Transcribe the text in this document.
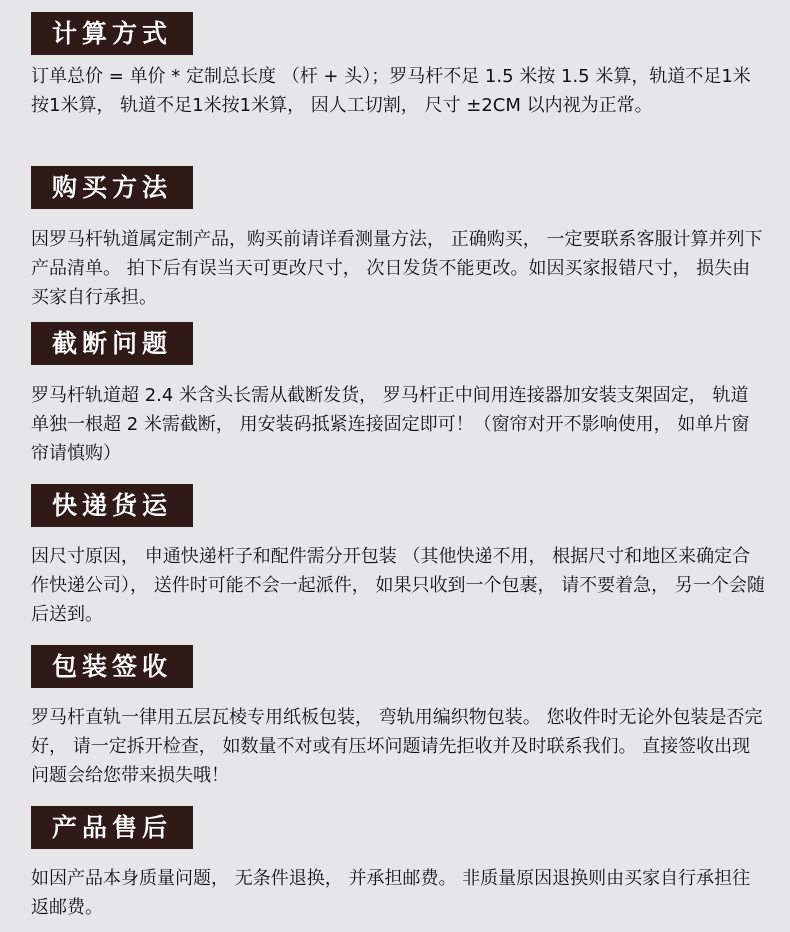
计算方式
订单总价 = 单价 * 定制总长度 （杆 + 头）；罗马杆不足 1.5 米按 1.5 米算，轨道不足1米按1米算， 轨道不足1米按1米算， 因人工切割， 尺寸 ±2CM 以内视为正常。
购买方法
因罗马杆轨道属定制产品，购买前请详看测量方法， 正确购买， 一定要联系客服计算并列下产品清单。 拍下后有误当天可更改尺寸， 次日发货不能更改。如因买家报错尺寸， 损失由买家自行承担。
截断问题
罗马杆轨道超 2.4 米含头长需从截断发货， 罗马杆正中间用连接器加安装支架固定， 轨道单独一根超 2 米需截断， 用安装码抵紧连接固定即可！（窗帘对开不影响使用， 如单片窗帘请慎购）
快递货运
因尺寸原因， 申通快递杆子和配件需分开包装 （其他快递不用， 根据尺寸和地区来确定合作快递公司）， 送件时可能不会一起派件， 如果只收到一个包裹， 请不要着急， 另一个会随后送到。
包装签收
罗马杆直轨一律用五层瓦棱专用纸板包装， 弯轨用编织物包装。 您收件时无论外包装是否完好， 请一定拆开检查， 如数量不对或有压坏问题请先拒收并及时联系我们。 直接签收出现问题会给您带来损失哦！
产品售后
如因产品本身质量问题， 无条件退换， 并承担邮费。 非质量原因退换则由买家自行承担往返邮费。
